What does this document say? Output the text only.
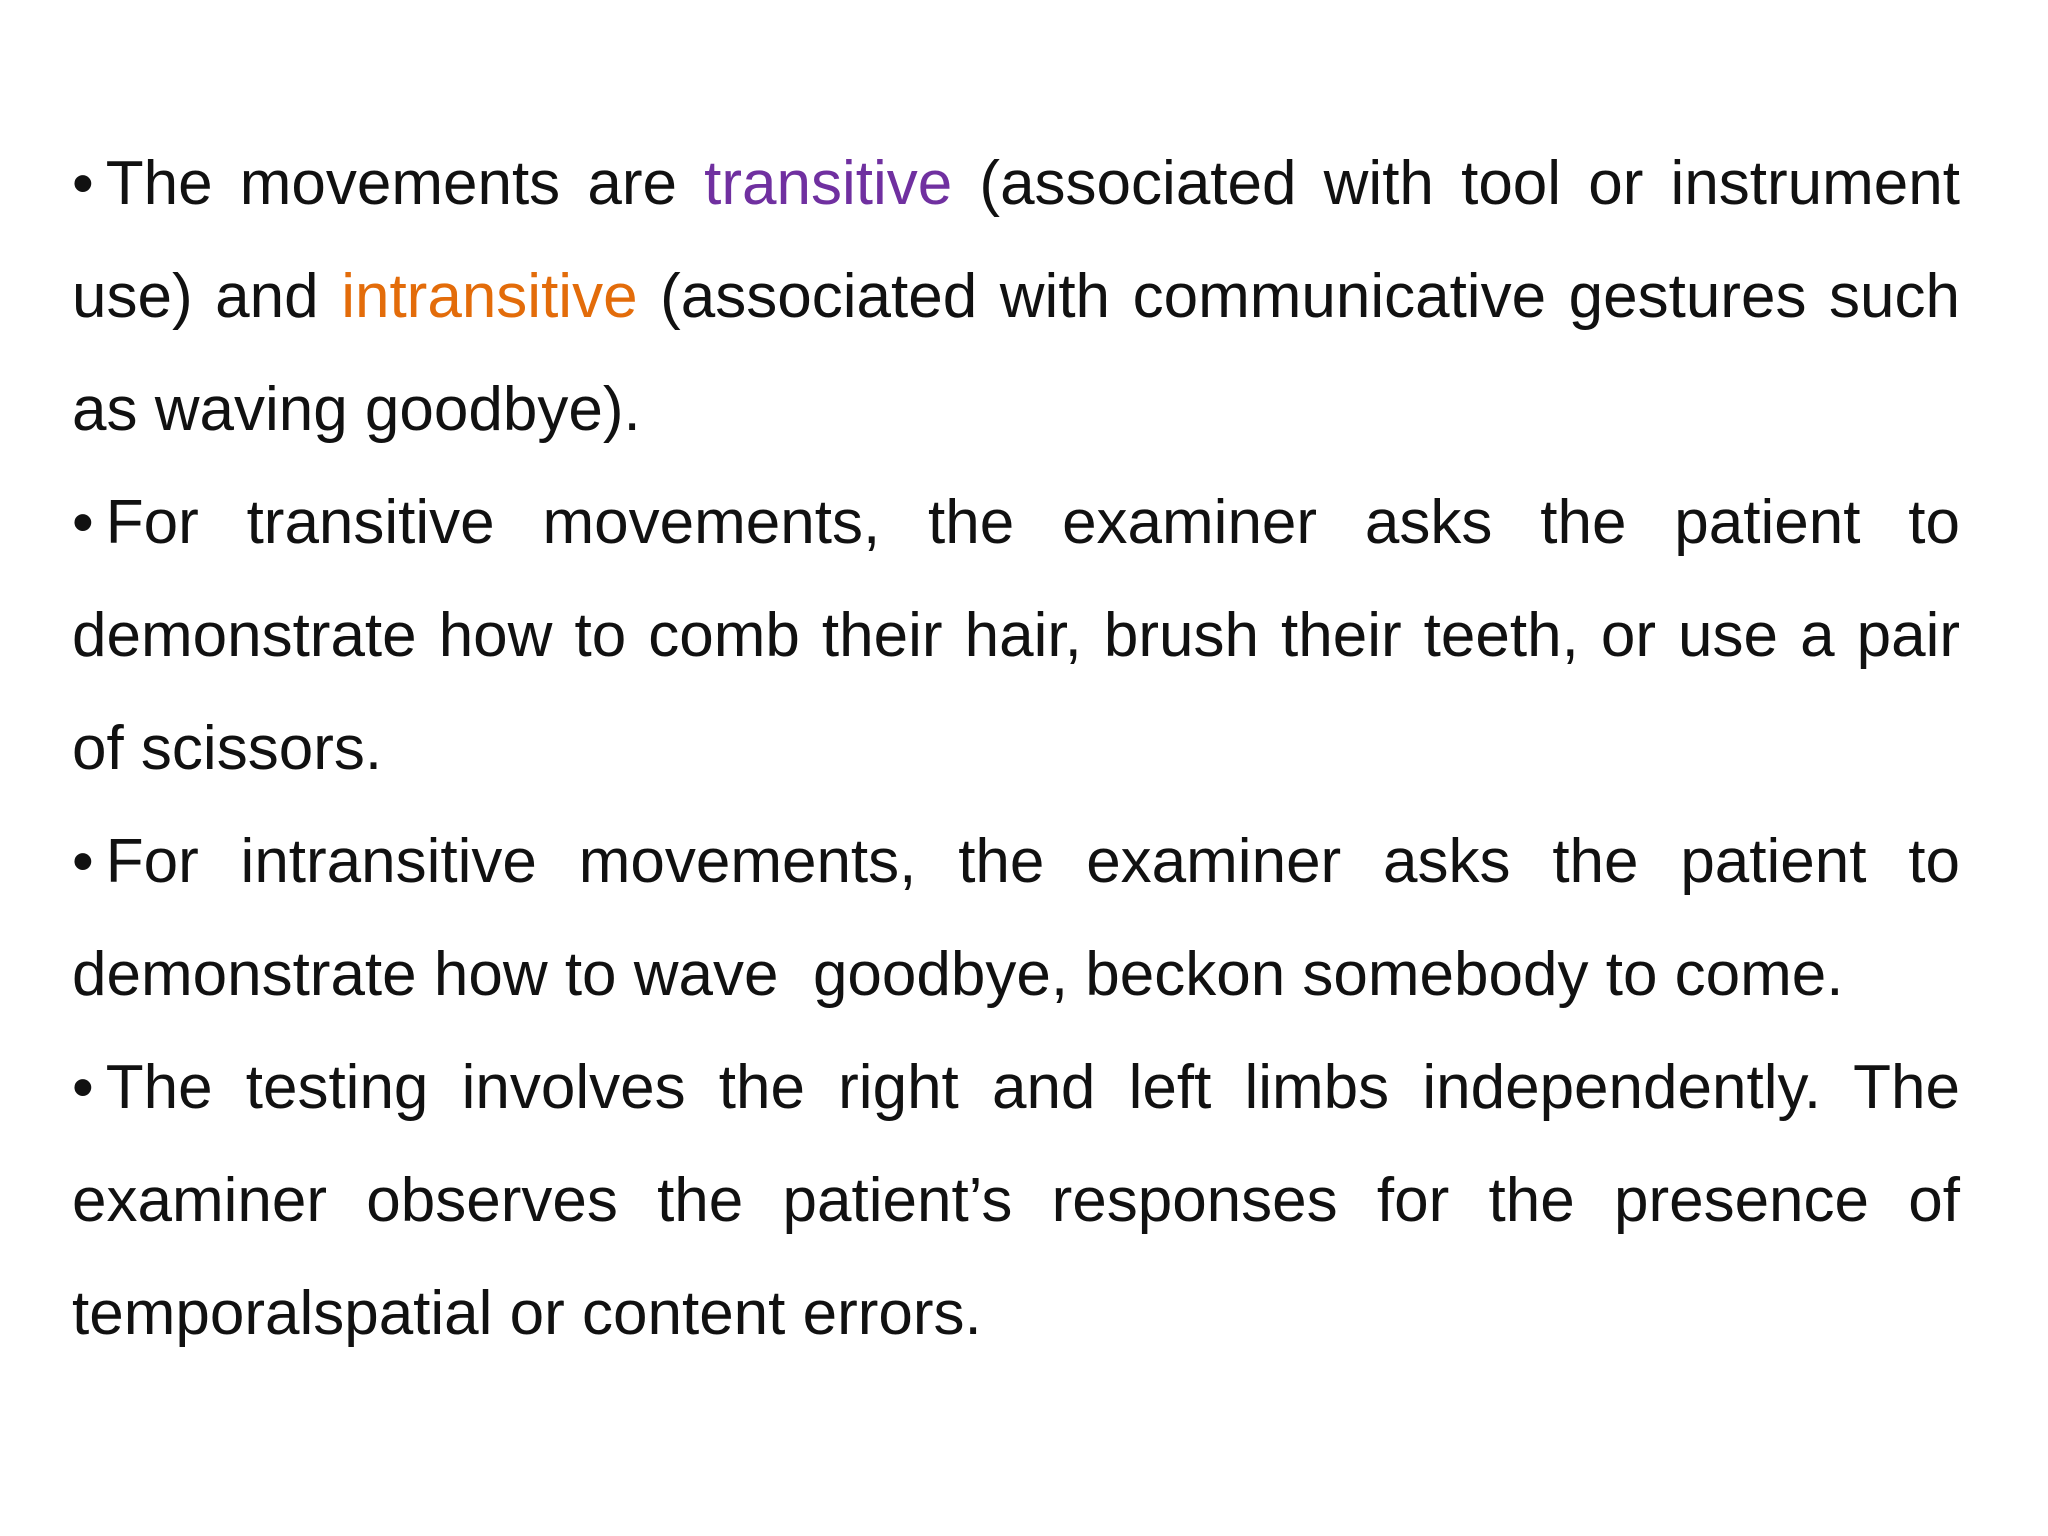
• The movements are transitive (associated with tool or instrument use) and intransitive (associated with communicative gestures such as waving goodbye).

• For transitive movements, the examiner asks the patient to demonstrate how to comb their hair, brush their teeth, or use a pair of scissors.

• For intransitive movements, the examiner asks the patient to demonstrate how to wave  goodbye, beckon somebody to come.

• The testing involves the right and left limbs independently. The examiner observes the patient’s responses for the presence of temporalspatial or content errors.
